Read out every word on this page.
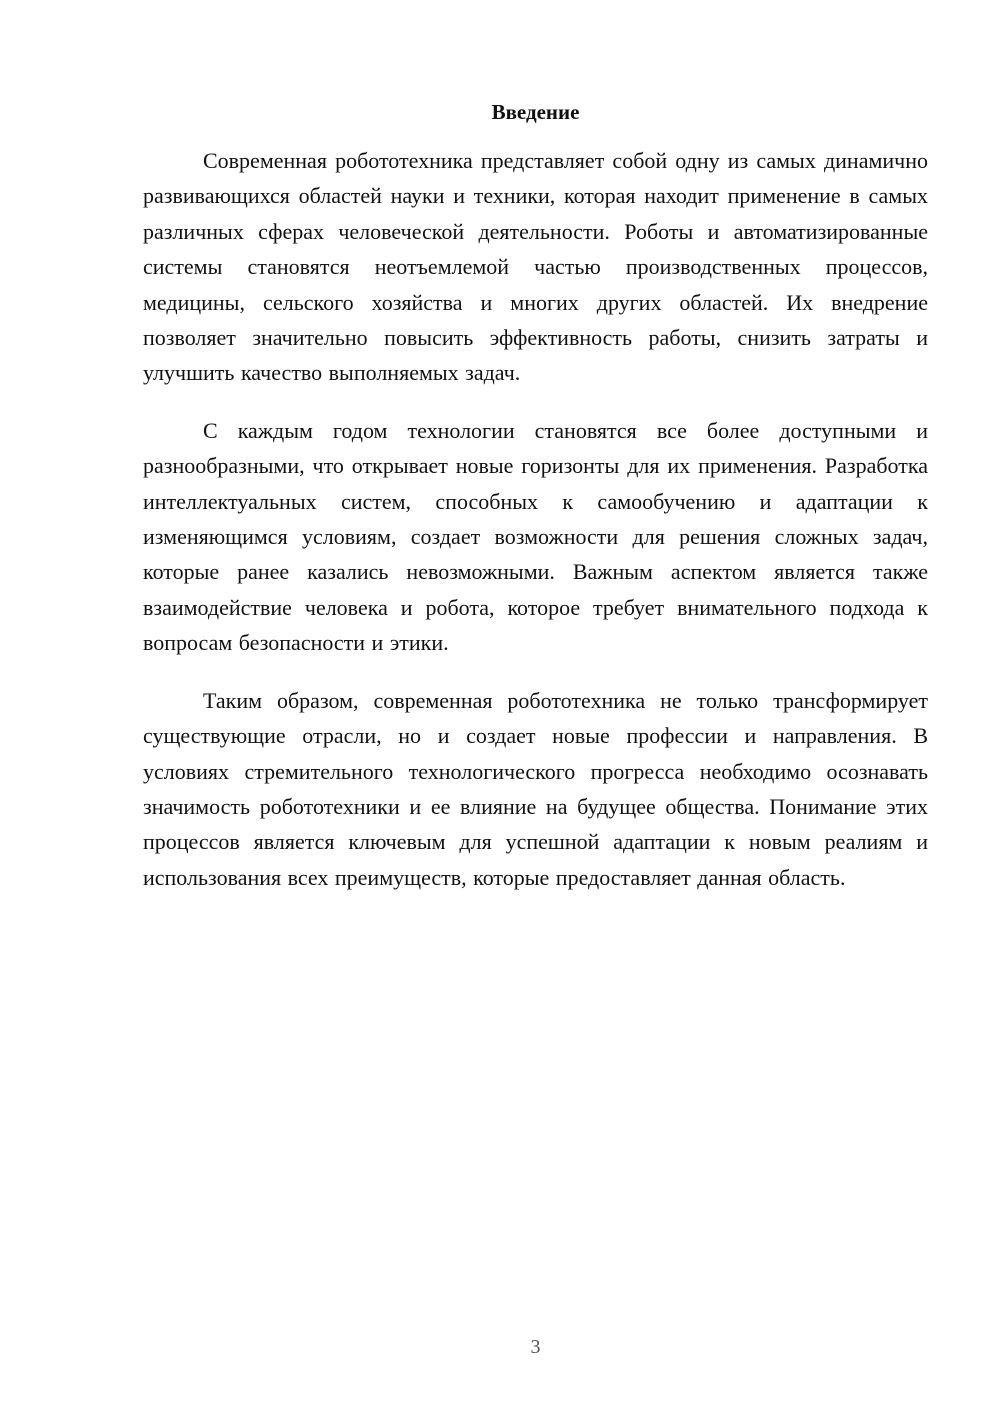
Введение

Современная робототехника представляет собой одну из самых динамично развивающихся областей науки и техники, которая находит применение в самых различных сферах человеческой деятельности. Роботы и автоматизированные системы становятся неотъемлемой частью производственных процессов, медицины, сельского хозяйства и многих других областей. Их внедрение позволяет значительно повысить эффективность работы, снизить затраты и улучшить качество выполняемых задач.

С каждым годом технологии становятся все более доступными и разнообразными, что открывает новые горизонты для их применения. Разработка интеллектуальных систем, способных к самообучению и адаптации к изменяющимся условиям, создает возможности для решения сложных задач, которые ранее казались невозможными. Важным аспектом является также взаимодействие человека и робота, которое требует внимательного подхода к вопросам безопасности и этики.

Таким образом, современная робототехника не только трансформирует существующие отрасли, но и создает новые профессии и направления. В условиях стремительного технологического прогресса необходимо осознавать значимость робототехники и ее влияние на будущее общества. Понимание этих процессов является ключевым для успешной адаптации к новым реалиям и использования всех преимуществ, которые предоставляет данная область.

3
